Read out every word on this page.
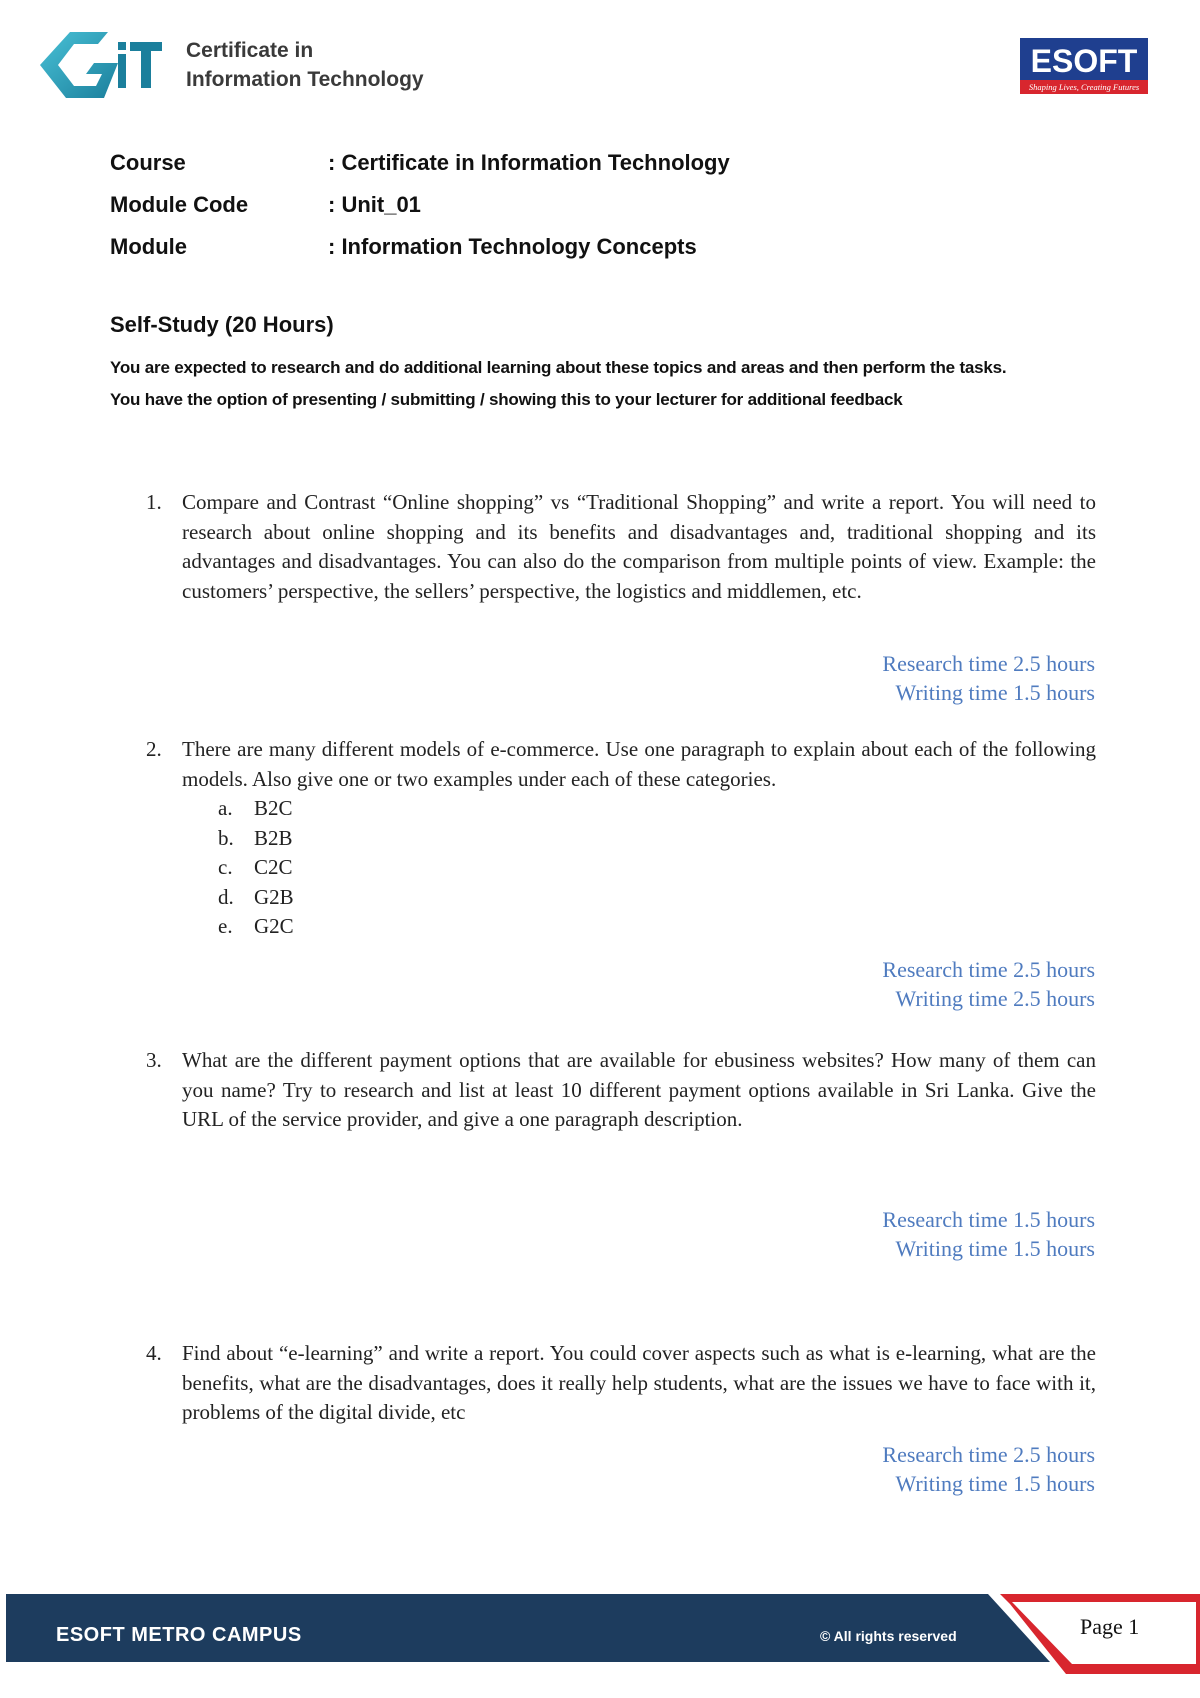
Certificate in
Information Technology
ESOFT
Shaping Lives, Creating Futures
Course	: Certificate in Information Technology
Module Code	: Unit_01
Module	: Information Technology Concepts
Self-Study (20 Hours)
You are expected to research and do additional learning about these topics and areas and then perform the tasks.
You have the option of presenting / submitting / showing this to your lecturer for additional feedback
1. Compare and Contrast “Online shopping” vs “Traditional Shopping” and write a report. You will need to research about online shopping and its benefits and disadvantages and, traditional shopping and its advantages and disadvantages. You can also do the comparison from multiple points of view. Example: the customers’ perspective, the sellers’ perspective, the logistics and middlemen, etc.
Research time 2.5 hours
Writing time 1.5 hours
2. There are many different models of e-commerce. Use one paragraph to explain about each of the following models. Also give one or two examples under each of these categories.
a.	B2C
b. B2B
c.	C2C
d. G2B
e.	G2C
Research time 2.5 hours
Writing time 2.5 hours
3. What are the different payment options that are available for ebusiness websites? How many of them can you name? Try to research and list at least 10 different payment options available in Sri Lanka. Give the URL of the service provider, and give a one paragraph description.
Research time 1.5 hours
Writing time 1.5 hours
4. Find about “e-learning” and write a report. You could cover aspects such as what is e-learning, what are the benefits, what are the disadvantages, does it really help students, what are the issues we have to face with it, problems of the digital divide, etc
Research time 2.5 hours
Writing time 1.5 hours
ESOFT METRO CAMPUS	© All rights reserved	Page 1
